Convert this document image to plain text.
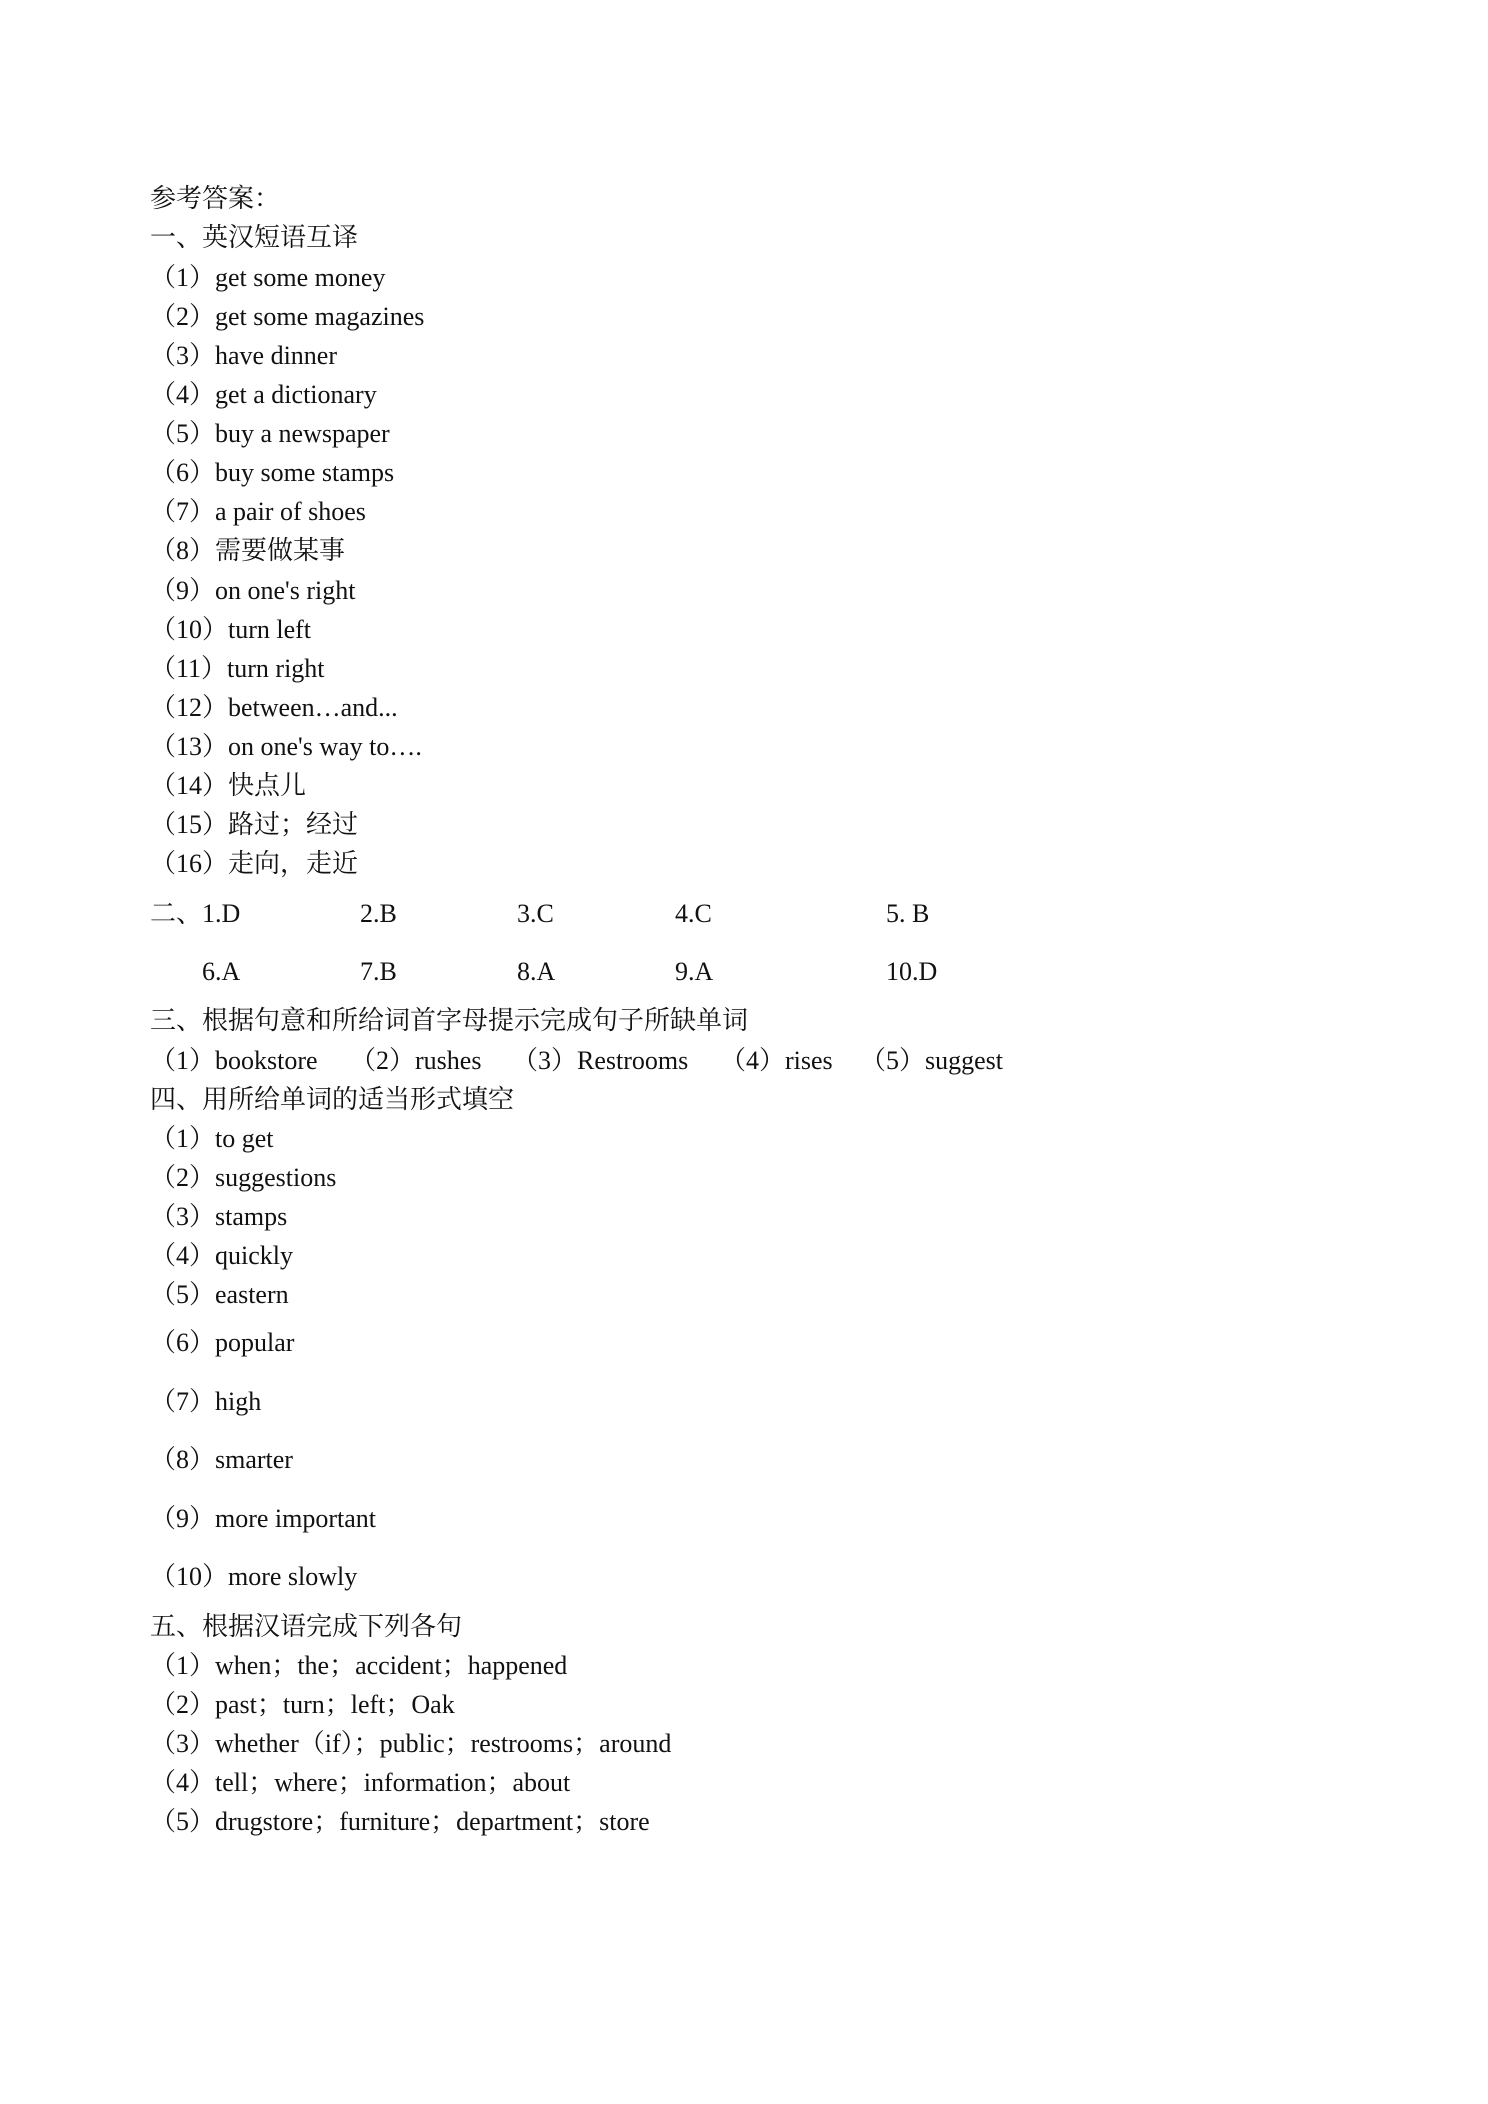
参考答案：
一、英汉短语互译
（1）get some money
（2）get some magazines
（3）have dinner
（4）get a dictionary
（5）buy a newspaper
（6）buy some stamps
（7）a pair of shoes
（8）需要做某事
（9）on one's right
（10）turn left
（11）turn right
（12）between…and...
（13）on one's way to….
（14）快点儿
（15）路过；经过
（16）走向，走近
二、 1.D	2.B	3.C	4.C	5. B
6.A	7.B	8.A	9.A	10.D
三、根据句意和所给词首字母提示完成句子所缺单词
（1）bookstore （2）rushes （3）Restrooms （4）rises （5）suggest
四、用所给单词的适当形式填空
（1）to get
（2）suggestions
（3）stamps
（4）quickly
（5）eastern
（6）popular
（7）high
（8）smarter
（9）more important
（10）more slowly
五、根据汉语完成下列各句
（1）when；the；accident；happened
（2）past；turn；left；Oak
（3）whether（if）；public；restrooms；around
（4）tell；where；information；about
（5）drugstore；furniture；department；store
